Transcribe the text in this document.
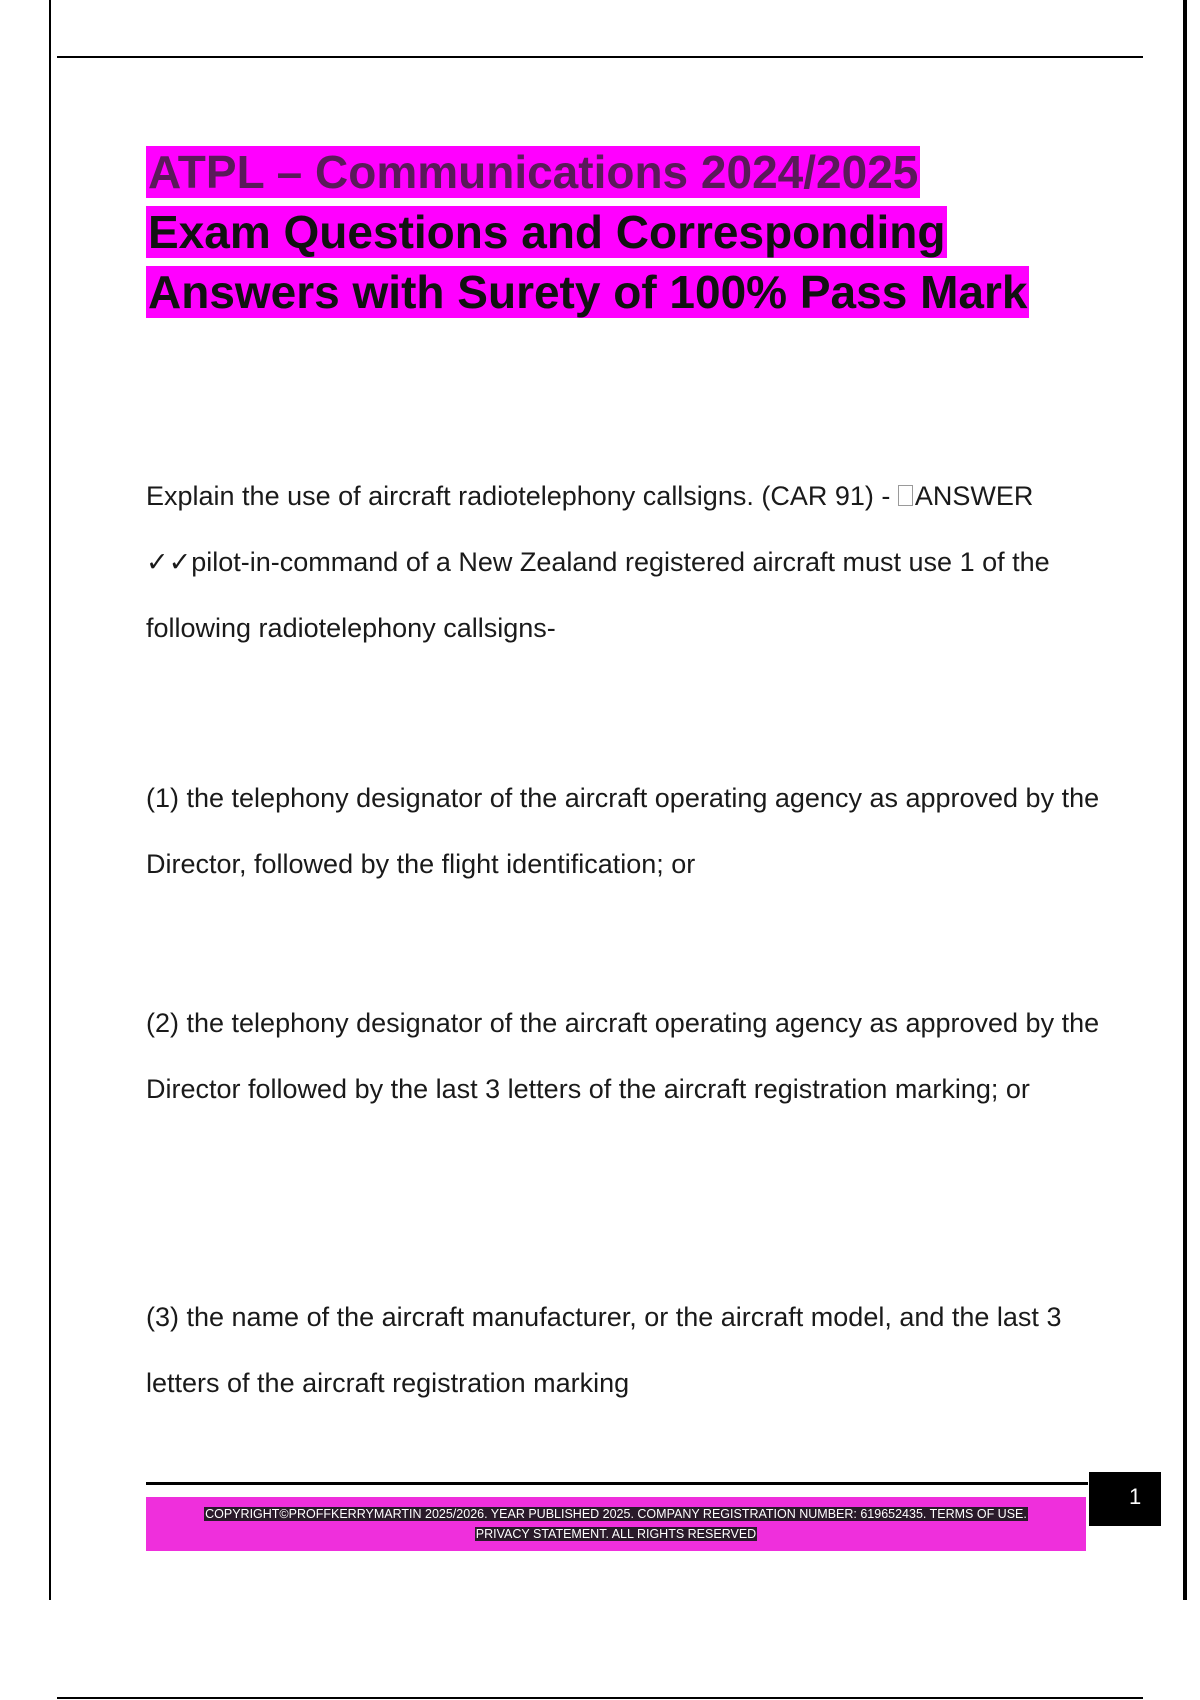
ATPL – Communications 2024/2025
Exam Questions and Corresponding
Answers with Surety of 100% Pass Mark

Explain the use of aircraft radiotelephony callsigns. (CAR 91) - ANSWER
✓✓pilot-in-command of a New Zealand registered aircraft must use 1 of the following radiotelephony callsigns-

(1) the telephony designator of the aircraft operating agency as approved by the Director, followed by the flight identification; or

(2) the telephony designator of the aircraft operating agency as approved by the Director followed by the last 3 letters of the aircraft registration marking; or

(3) the name of the aircraft manufacturer, or the aircraft model, and the last 3 letters of the aircraft registration marking

COPYRIGHT©PROFFKERRYMARTIN 2025/2026. YEAR PUBLISHED 2025. COMPANY REGISTRATION NUMBER: 619652435. TERMS OF USE.
PRIVACY STATEMENT. ALL RIGHTS RESERVED
1
